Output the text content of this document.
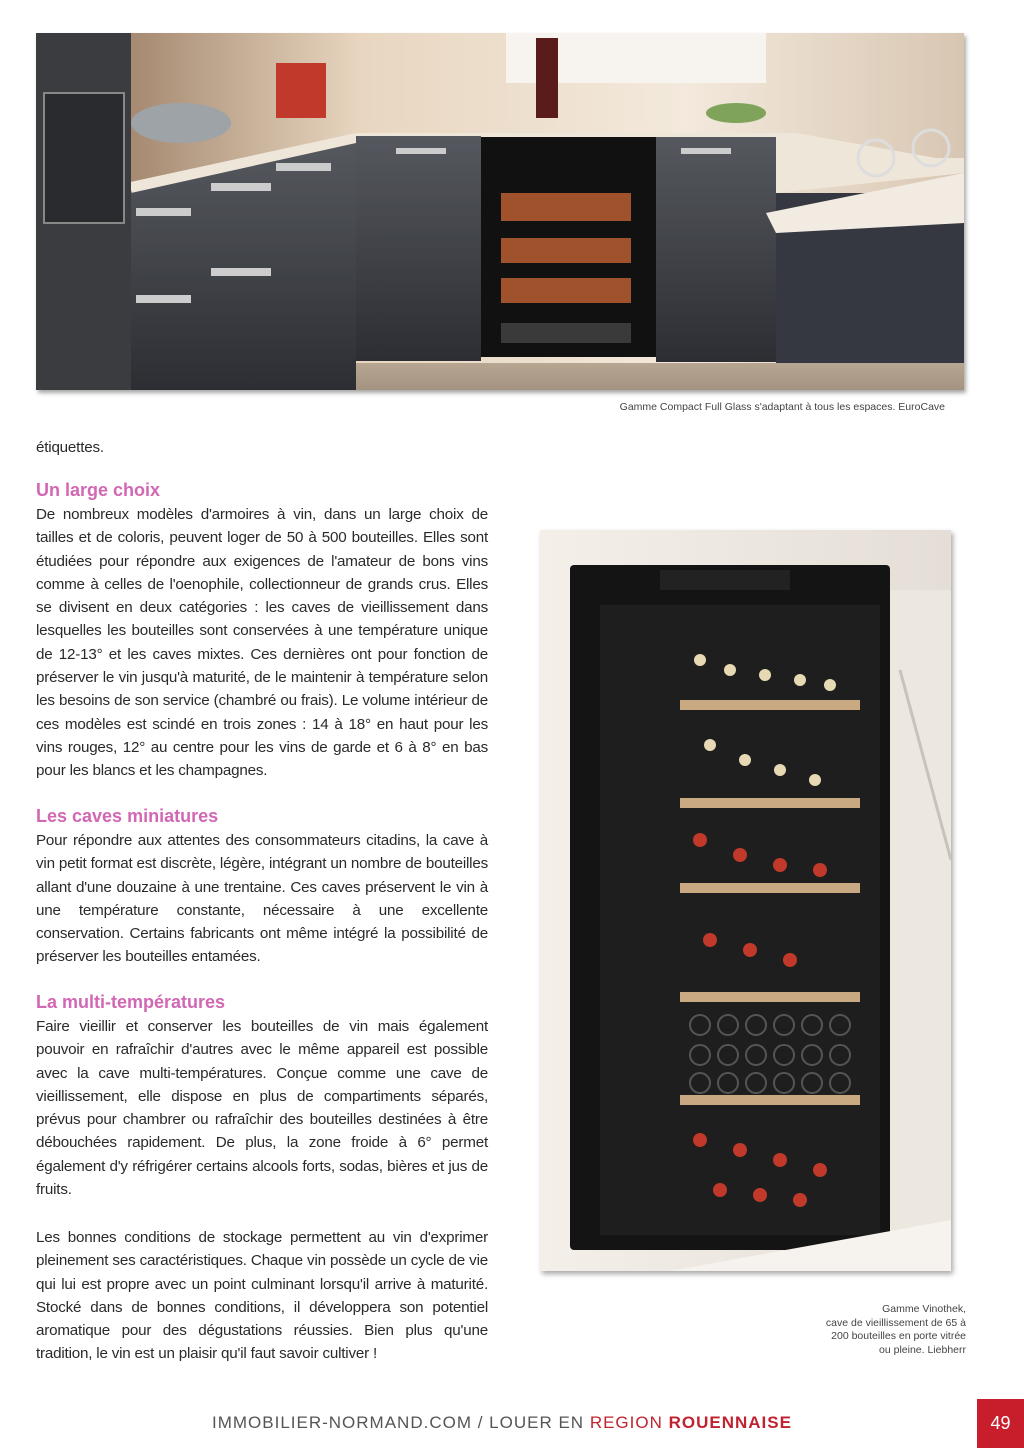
Gamme Compact Full Glass s'adaptant à tous les espaces. EuroCave

étiquettes.

Un large choix

De nombreux modèles d'armoires à vin, dans un large choix de tailles et de coloris, peuvent loger de 50 à 500 bouteilles. Elles sont étudiées pour répondre aux exigences de l'amateur de bons vins comme à celles de l'oenophile, collectionneur de grands crus. Elles se divisent en deux catégories : les caves de vieillissement dans lesquelles les bouteilles sont conservées à une température unique de 12-13° et les caves mixtes. Ces dernières ont pour fonction de préserver le vin jusqu'à maturité, de le maintenir à température selon les besoins de son service (chambré ou frais). Le volume intérieur de ces modèles est scindé en trois zones : 14 à 18° en haut pour les vins rouges, 12° au centre pour les vins de garde et 6 à 8° en bas pour les blancs et les champagnes.

Les caves miniatures

Pour répondre aux attentes des consommateurs citadins, la cave à vin petit format est discrète, légère, intégrant un nombre de bouteilles allant d'une douzaine à une trentaine. Ces caves préservent le vin à une température constante, nécessaire à une excellente conservation. Certains fabricants ont même intégré la possibilité de préserver les bouteilles entamées.

La multi-températures

Faire vieillir et conserver les bouteilles de vin mais également pouvoir en rafraîchir d'autres avec le même appareil est possible avec la cave multi-températures. Conçue comme une cave de vieillissement, elle dispose en plus de compartiments séparés, prévus pour chambrer ou rafraîchir des bouteilles destinées à être débouchées rapidement. De plus, la zone froide à 6° permet également d'y réfrigérer certains alcools forts, sodas, bières et jus de fruits.

Les bonnes conditions de stockage permettent au vin d'exprimer pleinement ses caractéristiques. Chaque vin possède un cycle de vie qui lui est propre avec un point culminant lorsqu'il arrive à maturité. Stocké dans de bonnes conditions, il développera son potentiel aromatique pour des dégustations réussies. Bien plus qu'une tradition, le vin est un plaisir qu'il faut savoir cultiver !

Gamme Vinothek,
cave de vieillissement de 65 à
200 bouteilles en porte vitrée
ou pleine. Liebherr
IMMOBILIER-NORMAND.COM / LOUER EN REGION ROUENNAISE	49
